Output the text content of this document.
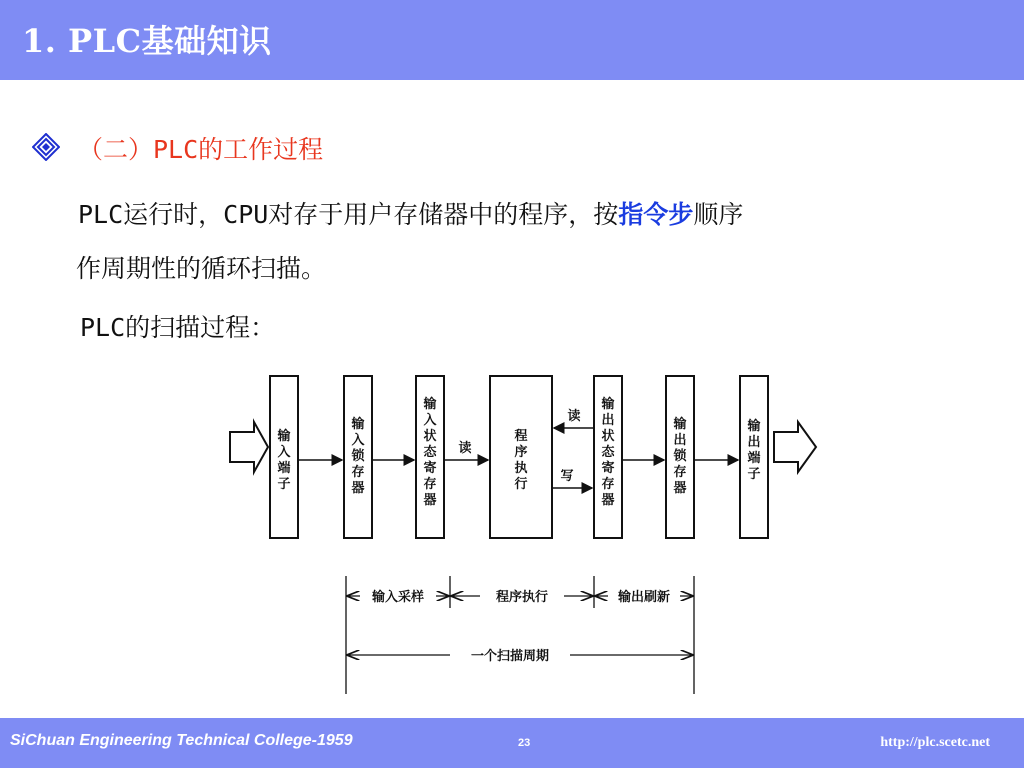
1. PLC基础知识
（二）PLC的工作过程
PLC运行时，CPU对存于用户存储器中的程序，按指令步顺序
作周期性的循环扫描。
PLC的扫描过程：
输入端子
输入锁存器
输入状态寄存器
程序执行
输出状态寄存器
输出锁存器
输出端子
读
读
写
输入采样	程序执行	输出刷新
一个扫描周期
SiChuan Engineering Technical College-1959	23	http://plc.scetc.net
